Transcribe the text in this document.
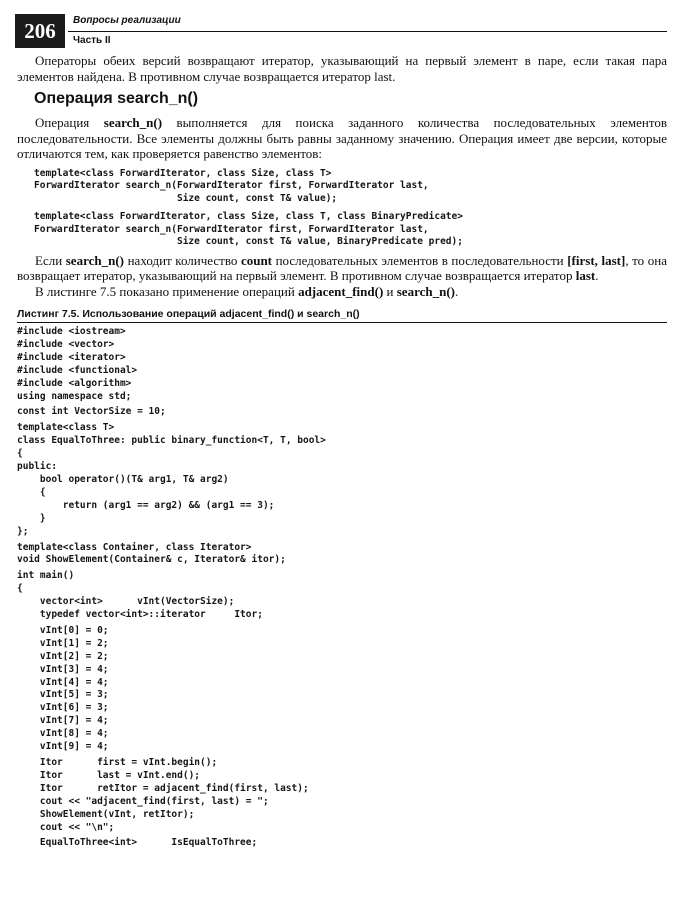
206	Вопросы реализации
Часть II

Операторы обеих версий возвращают итератор, указывающий на первый элемент в паре, если такая пара элементов найдена. В противном случае возвращается итератор last.

Операция search_n()

Операция search_n() выполняется для поиска заданного количества последовательных элементов последовательности. Все элементы должны быть равны заданному значению. Операция имеет две версии, которые отличаются тем, как проверяется равенство элементов:

template<class ForwardIterator, class Size, class T>
ForwardIterator search_n(ForwardIterator first, ForwardIterator last,
Size count, const T& value);
template<class ForwardIterator, class Size, class T, class BinaryPredicate>
ForwardIterator search_n(ForwardIterator first, ForwardIterator last,
Size count, const T& value, BinaryPredicate pred);

Если search_n() находит количество count последовательных элементов в последовательности [first, last], то она возвращает итератор, указывающий на первый элемент. В противном случае возвращается итератор last.

В листинге 7.5 показано применение операций adjacent_find() и search_n().

Листинг 7.5. Использование операций adjacent_find() и search_n()
#include <iostream>
#include <vector>
#include <iterator>
#include <functional>
#include <algorithm>
using namespace std;
const int VectorSize = 10;
template<class T>
class EqualToThree: public binary_function<T, T, bool>
{
public:
bool operator()(T& arg1, T& arg2)
{
return (arg1 == arg2) && (arg1 == 3);
}
};
template<class Container, class Iterator>
void ShowElement(Container& c, Iterator& itor);
int main()
{
vector<int>      vInt(VectorSize);
typedef vector<int>::iterator     Itor;
vInt[0] = 0;
vInt[1] = 2;
vInt[2] = 2;
vInt[3] = 4;
vInt[4] = 4;
vInt[5] = 3;
vInt[6] = 3;
vInt[7] = 4;
vInt[8] = 4;
vInt[9] = 4;
Itor      first = vInt.begin();
Itor      last = vInt.end();
Itor      retItor = adjacent_find(first, last);
cout << "adjacent_find(first, last) = ";
ShowElement(vInt, retItor);
cout << "\n";
EqualToThree<int>      IsEqualToThree;
